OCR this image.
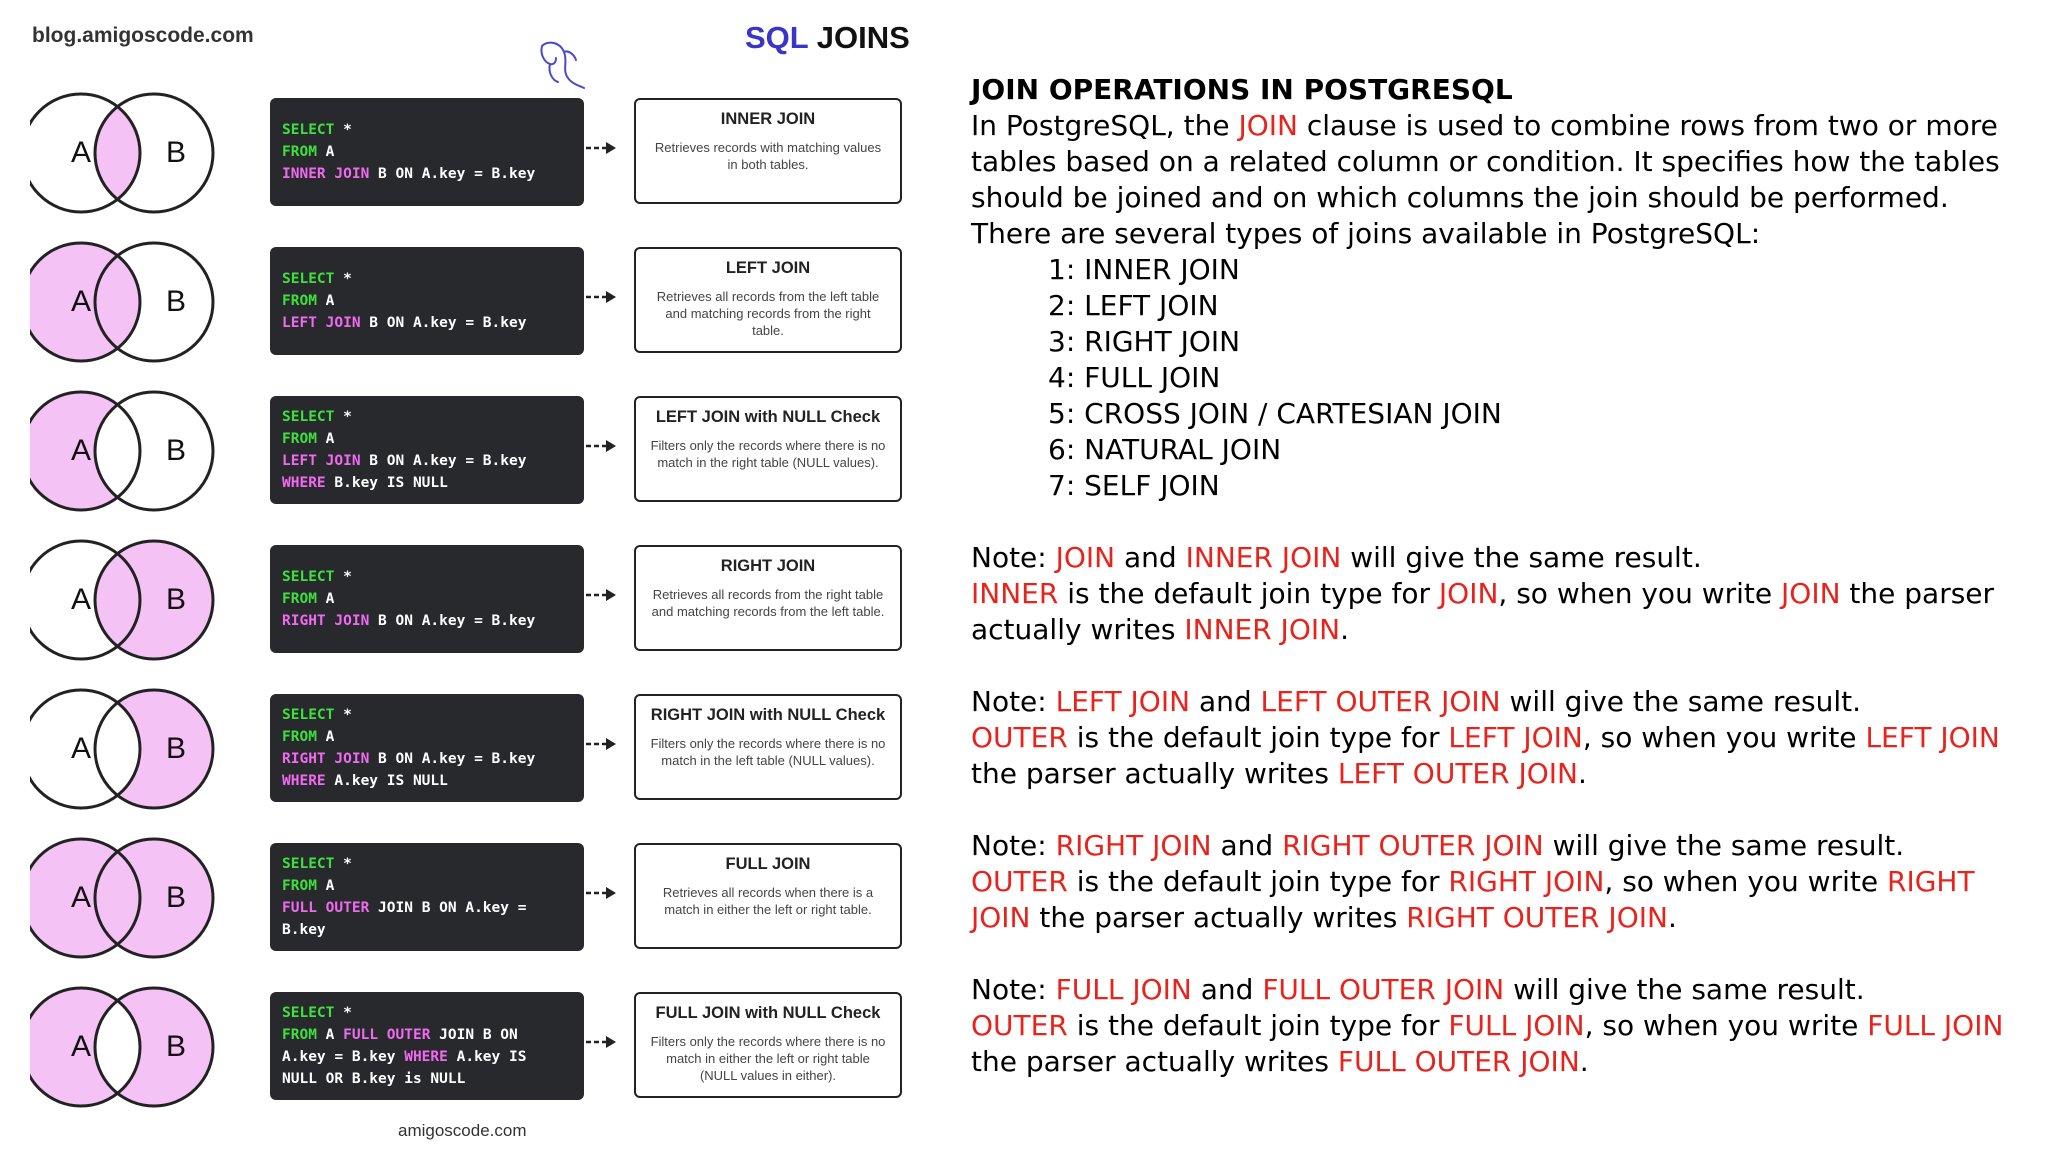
blog.amigoscode.com	SQL JOINS
A B
SELECT *
FROM A
INNER JOIN B ON A.key = B.key
INNER JOIN

Retrieves records with matching values in both tables.

A B
SELECT *
FROM A
LEFT JOIN B ON A.key = B.key
LEFT JOIN

Retrieves all records from the left table and matching records from the right table.

A B
SELECT *
FROM A
LEFT JOIN B ON A.key = B.key
WHERE B.key IS NULL
LEFT JOIN with NULL Check

Filters only the records where there is no match in the right table (NULL values).

A B
SELECT *
FROM A
RIGHT JOIN B ON A.key = B.key
RIGHT JOIN

Retrieves all records from the right table and matching records from the left table.

A B
SELECT *
FROM A
RIGHT JOIN B ON A.key = B.key
WHERE A.key IS NULL
RIGHT JOIN with NULL Check

Filters only the records where there is no match in the left table (NULL values).

A B
SELECT *
FROM A
FULL OUTER JOIN B ON A.key =
B.key
FULL JOIN

Retrieves all records when there is a match in either the left or right table.

A B
SELECT *
FROM A FULL OUTER JOIN B ON
A.key = B.key WHERE A.key IS
NULL OR B.key is NULL
FULL JOIN with NULL Check

Filters only the records where there is no match in either the left or right table (NULL values in either).

amigoscode.com
JOIN OPERATIONS IN POSTGRESQL

In PostgreSQL, the JOIN clause is used to combine rows from two or more tables based on a related column or condition. It specifies how the tables should be joined and on which columns the join should be performed.

There are several types of joins available in PostgreSQL:

1: INNER JOIN
2: LEFT JOIN
3: RIGHT JOIN
4: FULL JOIN
5: CROSS JOIN / CARTESIAN JOIN
6: NATURAL JOIN
7: SELF JOIN

Note: JOIN and INNER JOIN will give the same result.

INNER is the default join type for JOIN, so when you write JOIN the parser actually writes INNER JOIN.

Note: LEFT JOIN and LEFT OUTER JOIN will give the same result.

OUTER is the default join type for LEFT JOIN, so when you write LEFT JOIN the parser actually writes LEFT OUTER JOIN.

Note: RIGHT JOIN and RIGHT OUTER JOIN will give the same result.

OUTER is the default join type for RIGHT JOIN, so when you write RIGHT JOIN the parser actually writes RIGHT OUTER JOIN.

Note: FULL JOIN and FULL OUTER JOIN will give the same result.

OUTER is the default join type for FULL JOIN, so when you write FULL JOIN the parser actually writes FULL OUTER JOIN.
